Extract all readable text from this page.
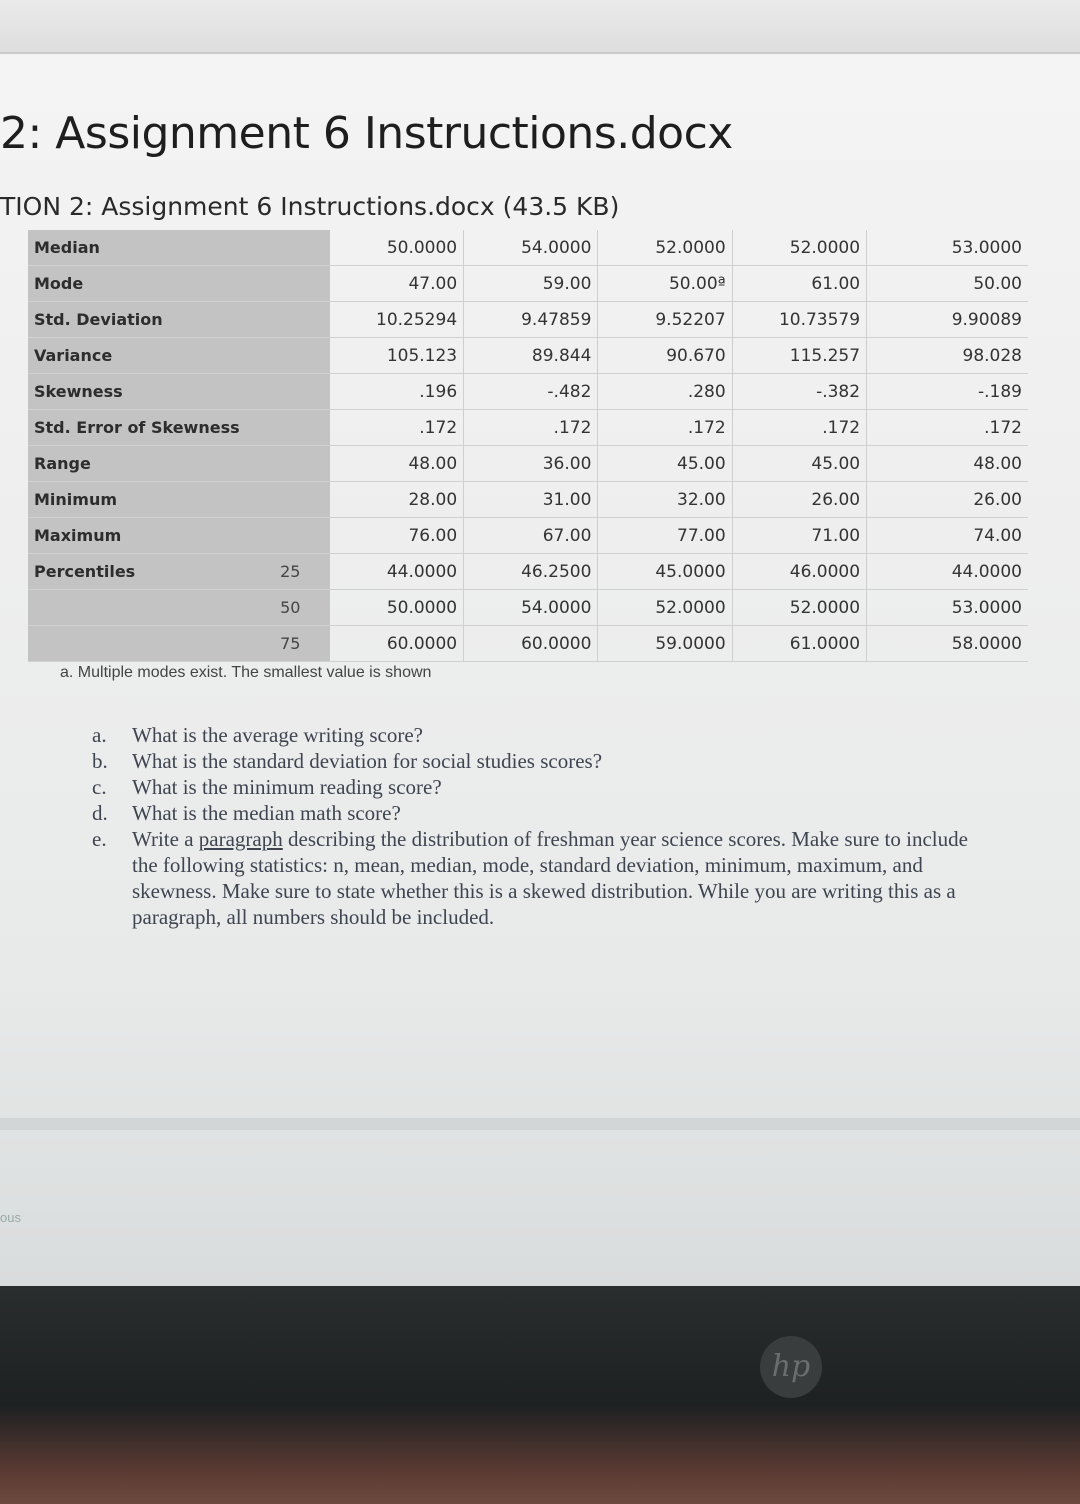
2: Assignment 6 Instructions.docx
TION 2: Assignment 6 Instructions.docx (43.5 KB)
Median		50.0000	54.0000	52.0000	52.0000	53.0000
Mode		47.00	59.00	50.00ª	61.00	50.00
Std. Deviation		10.25294	9.47859	9.52207	10.73579	9.90089
Variance		105.123	89.844	90.670	115.257	98.028
Skewness		.196	-.482	.280	-.382	-.189
Std. Error of Skewness		.172	.172	.172	.172	.172
Range		48.00	36.00	45.00	45.00	48.00
Minimum		28.00	31.00	32.00	26.00	26.00
Maximum		76.00	67.00	77.00	71.00	74.00
Percentiles	25	44.0000	46.2500	45.0000	46.0000	44.0000
	50	50.0000	54.0000	52.0000	52.0000	53.0000
	75	60.0000	60.0000	59.0000	61.0000	58.0000
a. Multiple modes exist. The smallest value is shown
a. What is the average writing score?
b. What is the standard deviation for social studies scores?
c. What is the minimum reading score?
d. What is the median math score?
e. Write a paragraph describing the distribution of freshman year science scores. Make sure to include the following statistics: n, mean, median, mode, standard deviation, minimum, maximum, and skewness. Make sure to state whether this is a skewed distribution. While you are writing this as a paragraph, all numbers should be included.
ous
hp
